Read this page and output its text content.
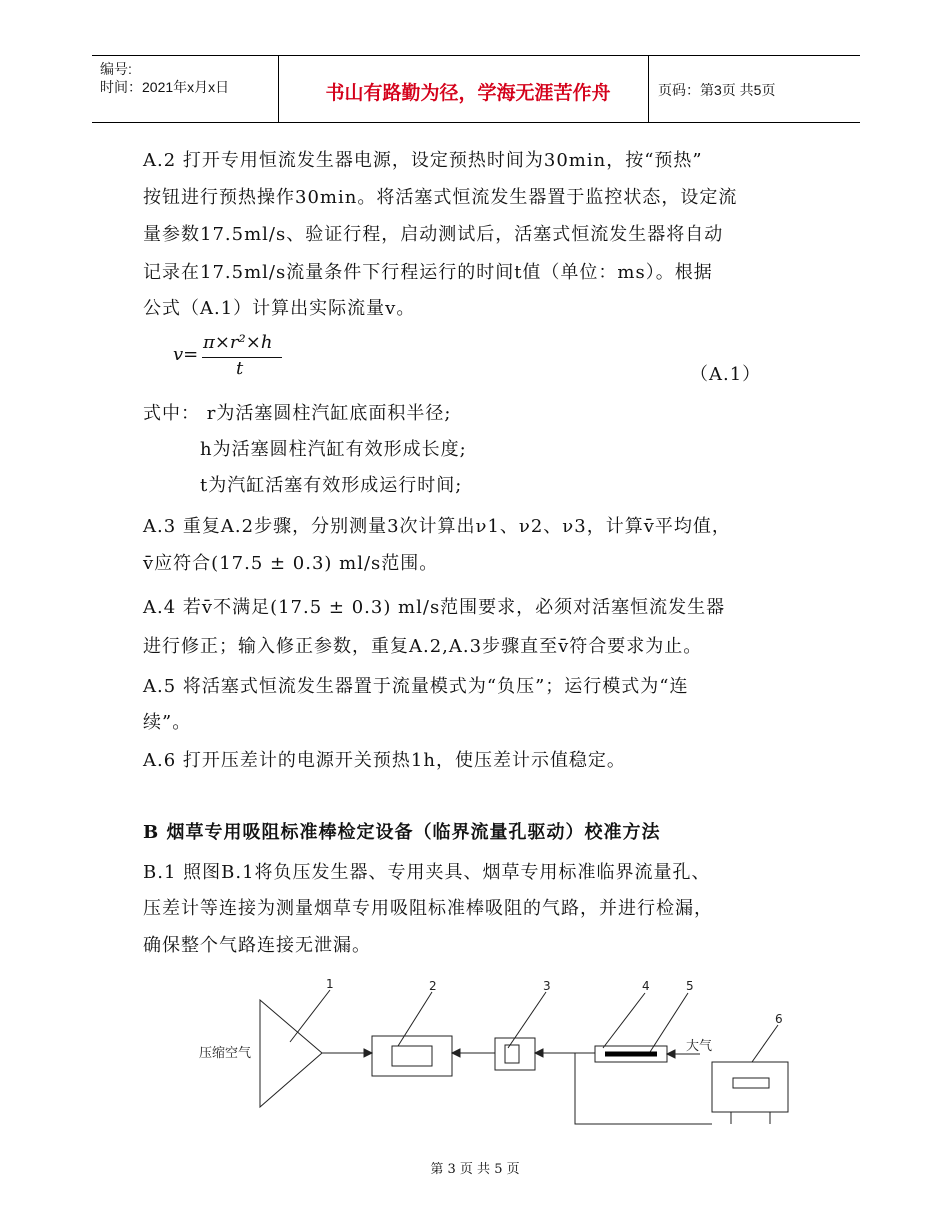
编号:
时间：2021年x月x日	书山有路勤为径，学海无涯苦作舟	页码：第3页 共5页
A.2 打开专用恒流发生器电源，设定预热时间为30min，按“预热”
按钮进行预热操作30min。将活塞式恒流发生器置于监控状态，设定流
量参数17.5ml/s、验证行程，启动测试后，活塞式恒流发生器将自动
记录在17.5ml/s流量条件下行程运行的时间t值（单位：ms）。根据
公式（A.1）计算出实际流量v。
v=
π×r²×h
t	（A.1）
式中： r为活塞圆柱汽缸底面积半径;
h为活塞圆柱汽缸有效形成长度;
t为汽缸活塞有效形成运行时间;
A.3 重复A.2步骤，分别测量3次计算出ν1、ν2、ν3，计算v̄平均值，
v̄应符合(17.5 ± 0.3) ml/s范围。
A.4 若v̄不满足(17.5 ± 0.3) ml/s范围要求，必须对活塞恒流发生器
进行修正；输入修正参数，重复A.2,A.3步骤直至v̄符合要求为止。
A.5 将活塞式恒流发生器置于流量模式为“负压”；运行模式为“连
续”。
A.6 打开压差计的电源开关预热1h，使压差计示值稳定。
B 烟草专用吸阻标准棒检定设备（临界流量孔驱动）校准方法
B.1 照图B.1将负压发生器、专用夹具、烟草专用标准临界流量孔、
压差计等连接为测量烟草专用吸阻标准棒吸阻的气路，并进行检漏，
确保整个气路连接无泄漏。
1	2	3	4	5
6
压缩空气	大气
第 3 页 共 5 页
